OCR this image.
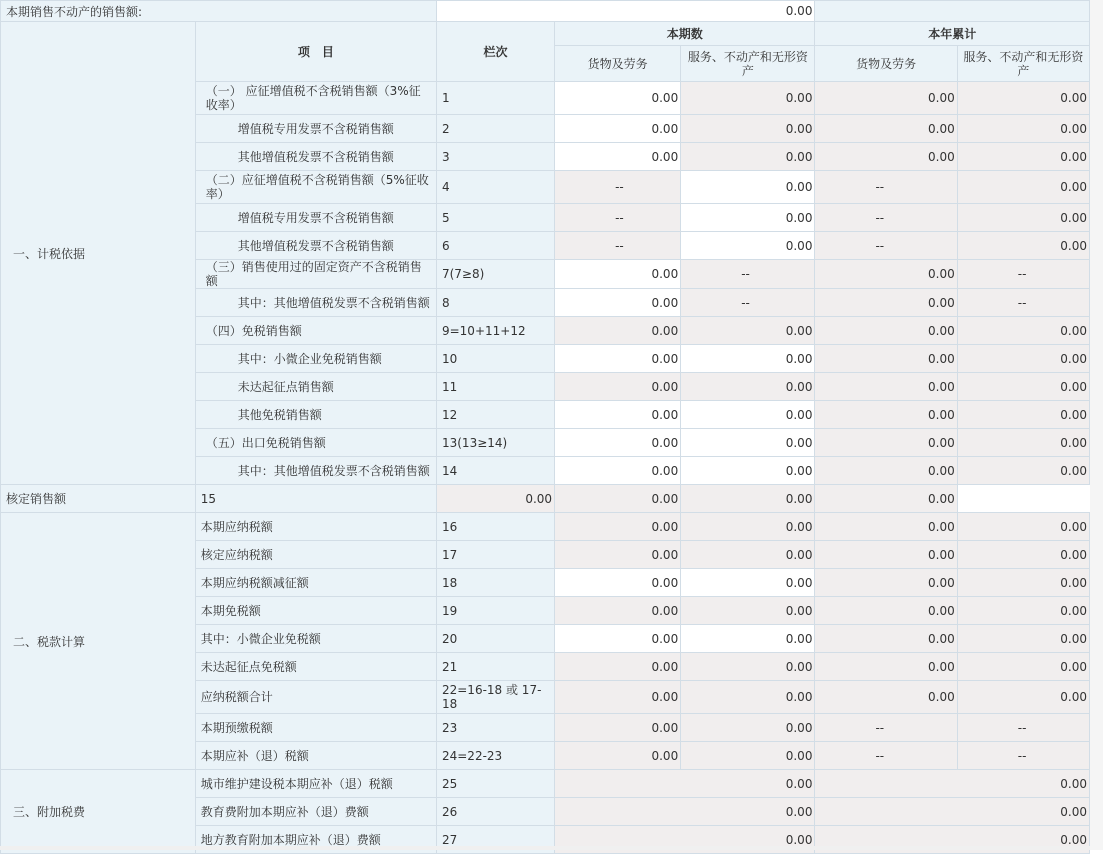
本期销售不动产的销售额:		0.00				
一、计税依据	项　目	栏次	本期数		本年累计	
			货物及劳务	服务、不动产和无形资产	货物及劳务	服务、不动产和无形资产
	（一） 应征增值税不含税销售额（3%征收率）	1	0.00	0.00	0.00	0.00
	增值税专用发票不含税销售额	2	0.00	0.00	0.00	0.00
	其他增值税发票不含税销售额	3	0.00	0.00	0.00	0.00
	（二）应征增值税不含税销售额（5%征收率）	4	--	0.00	--	0.00
	增值税专用发票不含税销售额	5	--	0.00	--	0.00
	其他增值税发票不含税销售额	6	--	0.00	--	0.00
	（三）销售使用过的固定资产不含税销售额	7(7≥8)	0.00	--	0.00	--
	其中：其他增值税发票不含税销售额	8	0.00	--	0.00	--
	（四）免税销售额	9=10+11+12	0.00	0.00	0.00	0.00
	其中：小微企业免税销售额	10	0.00	0.00	0.00	0.00
	未达起征点销售额	11	0.00	0.00	0.00	0.00
	其他免税销售额	12	0.00	0.00	0.00	0.00
	（五）出口免税销售额	13(13≥14)	0.00	0.00	0.00	0.00
	其中：其他增值税发票不含税销售额	14	0.00	0.00	0.00	0.00
核定销售额	15	0.00	0.00	0.00	0.00	
二、税款计算	本期应纳税额	16	0.00	0.00	0.00	0.00
	核定应纳税额	17	0.00	0.00	0.00	0.00
	本期应纳税额减征额	18	0.00	0.00	0.00	0.00
	本期免税额	19	0.00	0.00	0.00	0.00
	其中：小微企业免税额	20	0.00	0.00	0.00	0.00
	未达起征点免税额	21	0.00	0.00	0.00	0.00
	应纳税额合计	22=16-18 或 17-18	0.00	0.00	0.00	0.00
	本期预缴税额	23	0.00	0.00	--	--
	本期应补（退）税额	24=22-23	0.00	0.00	--	--
三、附加税费	城市维护建设税本期应补（退）税额	25	0.00		0.00	
	教育费附加本期应补（退）费额	26	0.00		0.00	
	地方教育附加本期应补（退）费额	27	0.00		0.00	
